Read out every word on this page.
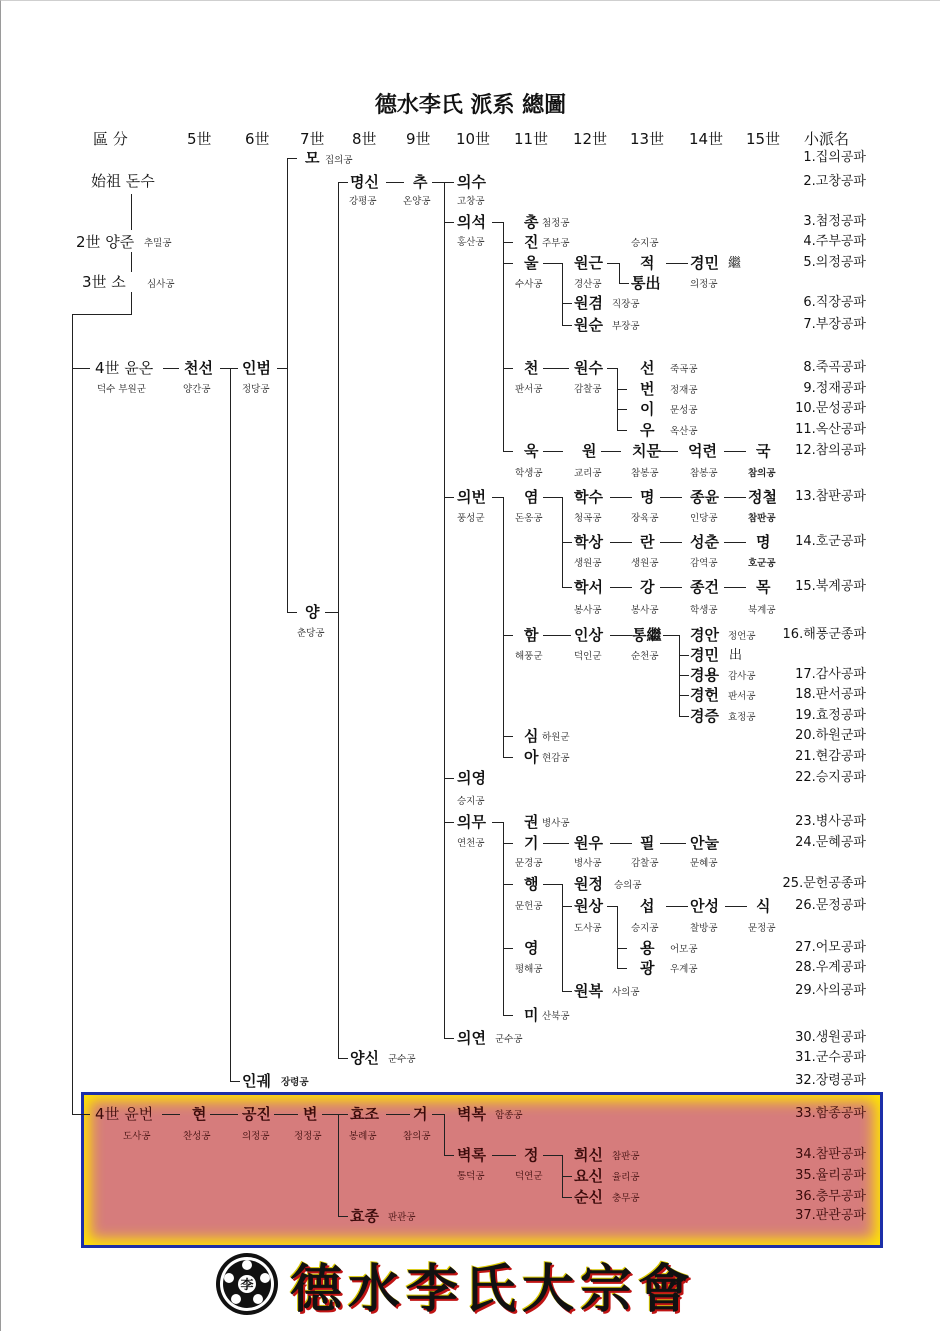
德水李氏 派系 總圖
區 分	5世 6世 7世 8世 9世 10世 11世 12世 13世 14世 15世 小派名
始祖 돈수
2世 양준 추밀공
3世 소 심사공
4世 윤온
덕수 부원군
천선
양간공
인범
정당공
모 집의공
양
춘당공
명신
강평공
추
온양공
의수
고창공
의석
홍산공
총 첨정공
진 주부공	승지공
울
수사공
원근
경산공
적 경민 繼
통出	의정공
원겸 직장공
원순 부장공
천
판서공
원수
감찰공
선 죽곡공
번 정재공
이 문성공
우 옥산공
욱
학생공
원
교리공
치문
참봉공
억련
참봉공
국
참의공
의번
풍성군
염
돈옹공
학수
청곡공
명
장육공
종윤
인당공
정철
참판공
학상
생원공
란
생원공
성춘
감역공
명
호군공
학서
봉사공
강
봉사공
종건
학생공
목
북계공
함
해풍군
인상
덕인군
통繼
순천공
경안 정언공
경민 出
경용 감사공
경헌 판서공
경증 효정공
심 하원군
아 현감공
의영
승지공
의무
연천공
권 병사공
기
문경공
원우
병사공
필
감찰공
안눌
문혜공
행
문헌공
원정 승의공
원상
도사공
섭
승지공
안성
찰방공
식
문정공
용 어모공
광 우계공
영
평해공
원복 사의공
미 산북공
의연 군수공
양신 군수공
인궤 장령공
4世 윤번
도사공
현
찬성공
공진
의정공
변
정정공
효조
봉례공
거
참의공
벽복 함종공
벽록
통덕공
정
덕연군
희신 참판공
요신 율리공
순신 충무공
효종 판관공
1.집의공파
2.고창공파
3.첨정공파
4.주부공파
5.의정공파
6.직장공파
7.부장공파
8.죽곡공파
9.정재공파
10.문성공파
11.옥산공파
12.참의공파
13.참판공파
14.호군공파
15.북계공파
16.해풍군종파
17.감사공파
18.판서공파
19.효정공파
20.하원군파
21.현감공파
22.승지공파
23.병사공파
24.문혜공파
25.문헌공종파
26.문정공파
27.어모공파
28.우계공파
29.사의공파
30.생원공파
31.군수공파
32.장령공파
33.함종공파
34.참판공파
35.율리공파
36.충무공파
37.판관공파
李 德水李氏大宗會
